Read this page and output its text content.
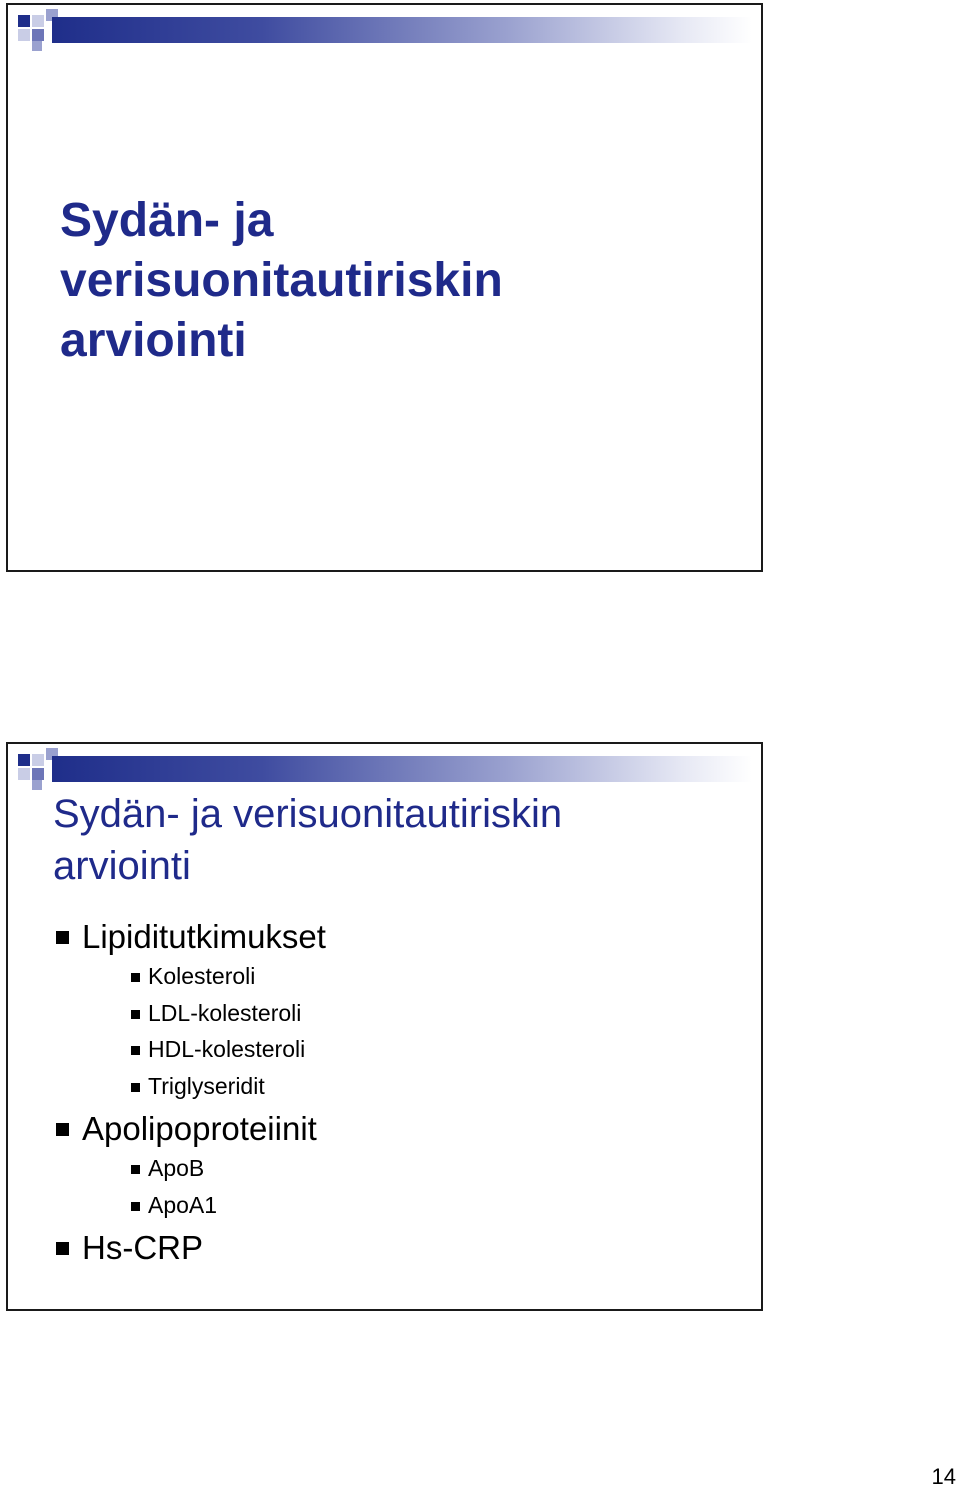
Sydän- ja
verisuonitautiriskin
arviointi
Sydän- ja verisuonitautiriskin
arviointi
Lipiditutkimukset
Kolesteroli
LDL-kolesteroli
HDL-kolesteroli
Triglyseridit
Apolipoproteiinit
ApoB
ApoA1
Hs-CRP
14
